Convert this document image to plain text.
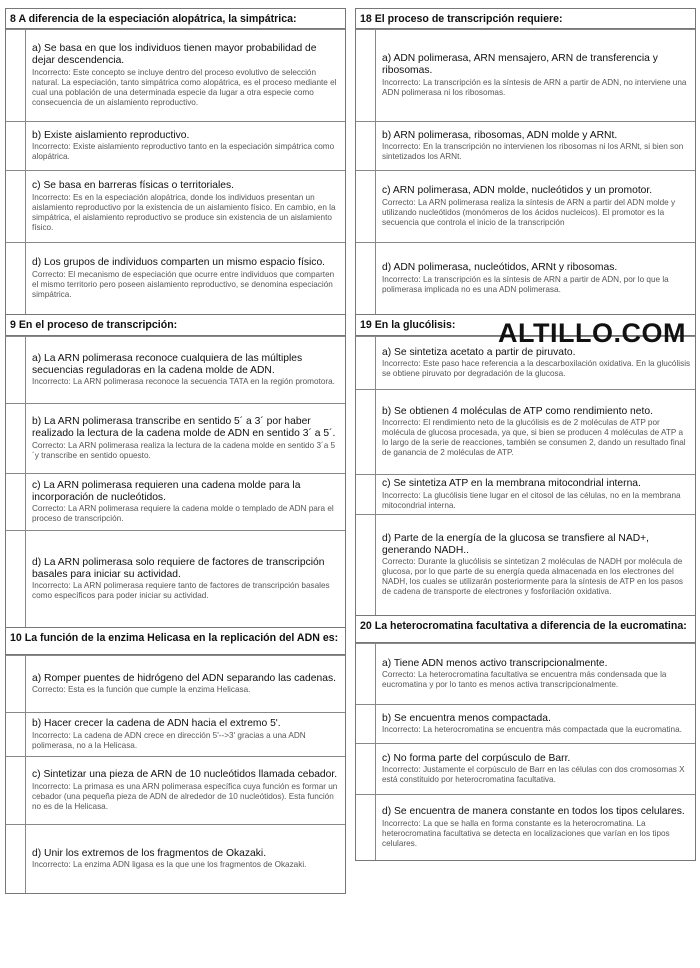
8 A diferencia de la especiación alopátrica, la simpátrica:
a) Se basa en que los individuos tienen mayor probabilidad de dejar descendencia.
Incorrecto: Este concepto se incluye dentro del proceso evolutivo de selección natural. La especiación, tanto simpátrica como alopátrica, es el proceso mediante el cual una población de una determinada especie da lugar a otra especie como consecuencia de un aislamiento reproductivo.
b) Existe aislamiento reproductivo.
Incorrecto: Existe aislamiento reproductivo tanto en la especiación simpátrica como alopátrica.
c) Se basa en barreras físicas o territoriales.
Incorrecto: Es en la especiación alopátrica, donde los individuos presentan un aislamiento reproductivo por la existencia de un aislamiento físico. En cambio, en la simpátrica, el aislamiento reproductivo se produce sin existencia de un aislamiento físico.
d) Los grupos de individuos comparten un mismo espacio físico.
Correcto: El mecanismo de especiación que ocurre entre individuos que comparten el mismo territorio pero poseen aislamiento reproductivo, se denomina especiación simpátrica.
9 En el proceso de transcripción:
a) La ARN polimerasa reconoce cualquiera de las múltiples secuencias reguladoras en la cadena molde de ADN.
Incorrecto: La ARN polimerasa reconoce la secuencia TATA en la región promotora.
b) La ARN polimerasa transcribe en sentido 5´ a 3´ por haber realizado la lectura de la cadena molde de ADN en sentido 3´ a 5´.
Correcto: La ARN polimerasa realiza la lectura de la cadena molde en sentido 3´a 5´y transcribe en sentido opuesto.
c) La ARN polimerasa requieren una cadena molde para la incorporación de nucleótidos.
Correcto: La ARN polimerasa requiere la cadena molde o templado de ADN para el proceso de transcripción.
d) La ARN polimerasa solo requiere de factores de transcripción basales para iniciar su actividad.
Incorrecto: La ARN polimerasa requiere tanto de factores de transcripción basales como específicos para poder iniciar su actividad.
10 La función de la enzima Helicasa en la replicación del ADN es:
a) Romper puentes de hidrógeno del ADN separando las cadenas.
Correcto: Esta es la función que cumple la enzima Helicasa.
b) Hacer crecer la cadena de ADN hacia el extremo 5'.
Incorrecto: La cadena de ADN crece en dirección 5'-->3' gracias a una ADN polimerasa, no a la Helicasa.
c) Sintetizar una pieza de ARN de 10 nucleótidos llamada cebador.
Incorrecto: La primasa es una ARN polimerasa específica cuya función es formar un cebador (una pequeña pieza de ADN de alrededor de 10 nucleótidos). Esta función no es de la Helicasa.
d) Unir los extremos de los fragmentos de Okazaki.
Incorrecto: La enzima ADN ligasa es la que une los fragmentos de Okazaki.
18 El proceso de transcripción requiere:
a) ADN polimerasa, ARN mensajero, ARN de transferencia y ribosomas.
Incorrecto: La transcripción es la síntesis de ARN a partir de ADN, no interviene una ADN polimerasa ni los ribosomas.
b) ARN polimerasa, ribosomas, ADN molde y ARNt.
Incorrecto: En la transcripción no intervienen los ribosomas ni los ARNt, si bien son sintetizados los ARNt.
c) ARN polimerasa, ADN molde, nucleótidos y un promotor.
Correcto: La ARN polimerasa realiza la síntesis de ARN a partir del ADN molde y utilizando nucleótidos (monómeros de los ácidos nucleicos). El promotor es la secuencia que controla el inicio de la transcripción
d) ADN polimerasa, nucleótidos, ARNt y ribosomas.
Incorrecto: La transcripción es la síntesis de ARN a partir de ADN, por lo que la polimerasa implicada no es una ADN polimerasa.
19 En la glucólisis:
a) Se sintetiza acetato a partir de piruvato.
Incorrecto: Este paso hace referencia a la descarboxilación oxidativa. En la glucólisis se obtiene piruvato por degradación de la glucosa.
b) Se obtienen 4 moléculas de ATP como rendimiento neto.
Incorrecto: El rendimiento neto de la glucólisis es de 2 moléculas de ATP por molécula de glucosa procesada, ya que, si bien se producen 4 moléculas de ATP a lo largo de la serie de reacciones, también se consumen 2, dando un resultado final de ganancia de 2 moléculas de ATP.
c) Se sintetiza ATP en la membrana mitocondrial interna.
Incorrecto: La glucólisis tiene lugar en el citosol de las células, no en la membrana mitocondrial interna.
d) Parte de la energía de la glucosa se transfiere al NAD+, generando NADH..
Correcto: Durante la glucólisis se sintetizan 2 moléculas de NADH por molécula de glucosa, por lo que parte de su energía queda almacenada en los electrones del NADH, los cuales se utilizarán posteriormente para la síntesis de ATP en los pasos de cadena de transporte de electrones y fosforilación oxidativa.
20 La heterocromatina facultativa a diferencia de la eucromatina:
a) Tiene ADN menos activo transcripcionalmente.
Correcto: La heterocromatina facultativa se encuentra más condensada que la eucromatina y por lo tanto es menos activa transcripcionalmente.
b) Se encuentra menos compactada.
Incorrecto: La heterocromatina se encuentra más compactada que la eucromatina.
c) No forma parte del corpúsculo de Barr.
Incorrecto: Justamente el corpúsculo de Barr en las células con dos cromosomas X está constituido por heterocromatina facultativa.
d) Se encuentra de manera constante en todos los tipos celulares.
Incorrecto: La que se halla en forma constante es la heterocromatina. La heterocromatina facultativa se detecta en localizaciones que varían en los tipos celulares.
ALTILLO.COM
